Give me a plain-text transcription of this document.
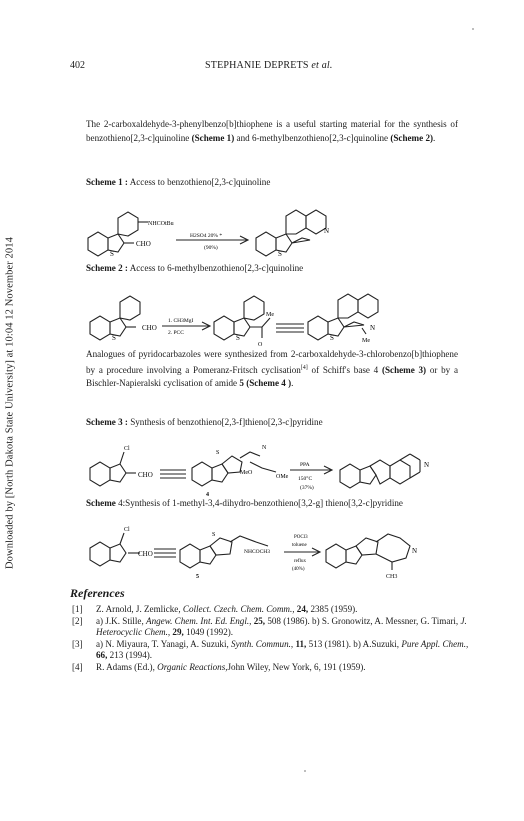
Downloaded by [North Dakota State University] at 10:04 12 November 2014
402	STEPHANIE DEPRETS et al.
The 2-carboxaldehyde-3-phenylbenzo[b]thiophene is a useful starting material for the synthesis of benzothieno[2,3-c]quinoline (Scheme 1) and 6-methylbenzothieno[2,3-c]quinoline (Scheme 2).
Scheme 1 : Access to benzothieno[2,3-c]quinoline
NHCOtBu
CHO
S	S
N
H2SO4 20% *
(90%)
Scheme 2 : Access to 6-methylbenzothieno[2,3-c]quinoline
CHO
S	S	S
1. CH3MgI
2. PCC
Me
O
N
Me
Analogues of pyridocarbazoles were synthesized from 2-carboxaldehyde-3-chlorobenzo[b]thiophene by a procedure involving a Pomeranz-Fritsch cyclisation[4] of Schiff's base 4 (Scheme 3) or by a Bischler-Napieralski cyclisation of amide 5 (Scheme 4 ).
Scheme 3 : Synthesis of benzothieno[2,3-f]thieno[2,3-c]pyridine
Cl
CHO
S
N
MeO
OMe
4
PPA
150°C
(37%)
N
Scheme 4:Synthesis of 1-methyl-3,4-dihydro-benzothieno[3,2-g] thieno[3,2-c]pyridine
Cl
CHO
S
NHCOCH3
5
POCl3
toluene
reflux
(40%)
N
CH3
References
[1] Z. Arnold, J. Zemlicke, Collect. Czech. Chem. Comm., 24, 2385 (1959).
[2] a) J.K. Stille, Angew. Chem. Int. Ed. Engl., 25, 508 (1986). b) S. Gronowitz, A. Messner, G. Timari, J. Heterocyclic Chem., 29, 1049 (1992).
[3] a) N. Miyaura, T. Yanagi, A. Suzuki, Synth. Commun., 11, 513 (1981). b) A.Suzuki, Pure Appl. Chem., 66, 213 (1994).
[4] R. Adams (Ed.), Organic Reactions,John Wiley, New York, 6, 191 (1959).
